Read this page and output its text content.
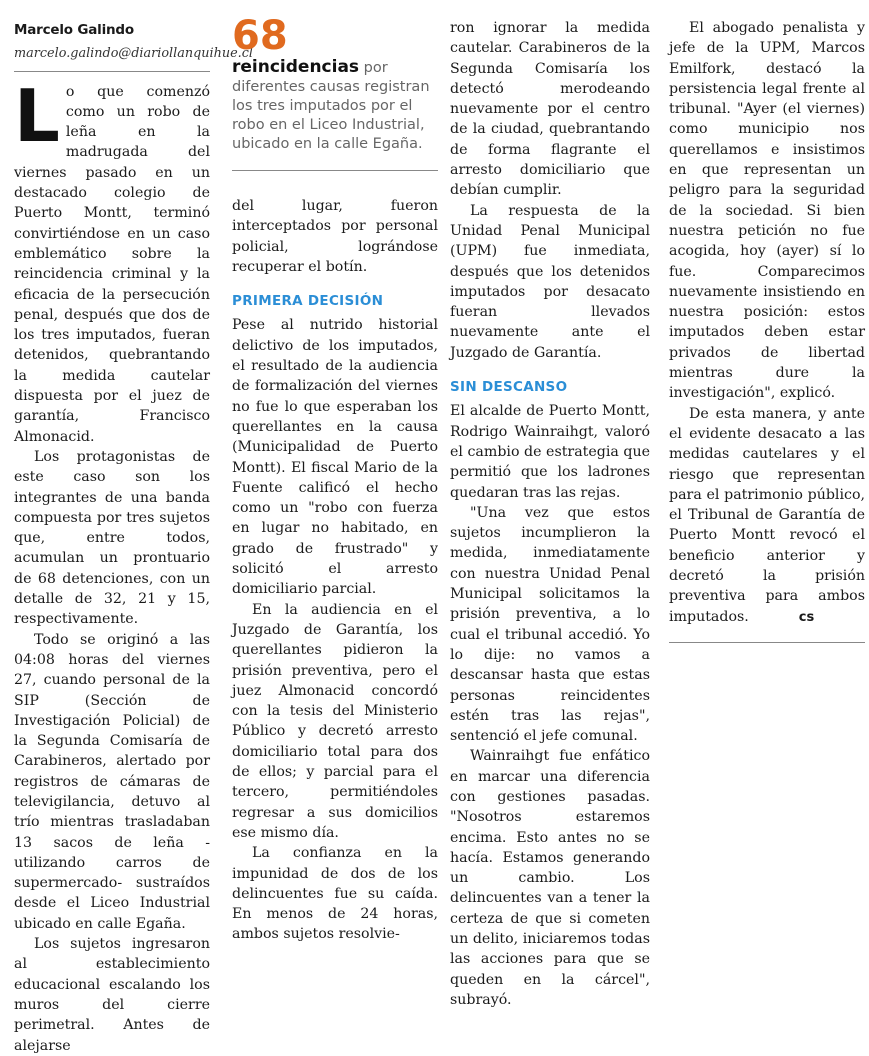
Marcelo Galindo
marcelo.galindo@diariollanquihue.cl

Lo que comenzó como un robo de leña en la madrugada del viernes pasado en un destacado colegio de Puerto Montt, terminó convirtiéndose en un caso emblemático sobre la reincidencia criminal y la eficacia de la persecución penal, después que dos de los tres imputados, fueran detenidos, quebrantando la medida cautelar dispuesta por el juez de garantía, Francisco Almonacid.

Los protagonistas de este caso son los integrantes de una banda compuesta por tres sujetos que, entre todos, acumulan un prontuario de 68 detenciones, con un detalle de 32, 21 y 15, respectivamente.

Todo se originó a las 04:08 horas del viernes 27, cuando personal de la SIP (Sección de Investigación Policial) de la Segunda Comisaría de Carabineros, alertado por registros de cámaras de televigilancia, detuvo al trío mientras trasladaban 13 sacos de leña -utilizando carros de supermercado- sustraídos desde el Liceo Industrial ubicado en calle Egaña.

Los sujetos ingresaron al establecimiento educacional escalando los muros del cierre perimetral. Antes de alejarse

68
reincidencias por diferentes causas registran los tres imputados por el robo en el Liceo Industrial, ubicado en la calle Egaña.

del lugar, fueron interceptados por personal policial, lográndose recuperar el botín.

PRIMERA DECISIÓN

Pese al nutrido historial delictivo de los imputados, el resultado de la audiencia de formalización del viernes no fue lo que esperaban los querellantes en la causa (Municipalidad de Puerto Montt). El fiscal Mario de la Fuente calificó el hecho como un "robo con fuerza en lugar no habitado, en grado de frustrado" y solicitó el arresto domiciliario parcial.

En la audiencia en el Juzgado de Garantía, los querellantes pidieron la prisión preventiva, pero el juez Almonacid concordó con la tesis del Ministerio Público y decretó arresto domiciliario total para dos de ellos; y parcial para el tercero, permitiéndoles regresar a sus domicilios ese mismo día.

La confianza en la impunidad de dos de los delincuentes fue su caída. En menos de 24 horas, ambos sujetos resolvie-

ron ignorar la medida cautelar. Carabineros de la Segunda Comisaría los detectó merodeando nuevamente por el centro de la ciudad, quebrantando de forma flagrante el arresto domiciliario que debían cumplir.

La respuesta de la Unidad Penal Municipal (UPM) fue inmediata, después que los detenidos imputados por desacato fueran llevados nuevamente ante el Juzgado de Garantía.

SIN DESCANSO

El alcalde de Puerto Montt, Rodrigo Wainraihgt, valoró el cambio de estrategia que permitió que los ladrones quedaran tras las rejas.

"Una vez que estos sujetos incumplieron la medida, inmediatamente con nuestra Unidad Penal Municipal solicitamos la prisión preventiva, a lo cual el tribunal accedió. Yo lo dije: no vamos a descansar hasta que estas personas reincidentes estén tras las rejas", sentenció el jefe comunal.

Wainraihgt fue enfático en marcar una diferencia con gestiones pasadas. "Nosotros estaremos encima. Esto antes no se hacía. Estamos generando un cambio. Los delincuentes van a tener la certeza de que si cometen un delito, iniciaremos todas las acciones para que se queden en la cárcel", subrayó.

El abogado penalista y jefe de la UPM, Marcos Emilfork, destacó la persistencia legal frente al tribunal. "Ayer (el viernes) como municipio nos querellamos e insistimos en que representan un peligro para la seguridad de la sociedad. Si bien nuestra petición no fue acogida, hoy (ayer) sí lo fue. Comparecimos nuevamente insistiendo en nuestra posición: estos imputados deben estar privados de libertad mientras dure la investigación", explicó.

De esta manera, y ante el evidente desacato a las medidas cautelares y el riesgo que representan para el patrimonio público, el Tribunal de Garantía de Puerto Montt revocó el beneficio anterior y decretó la prisión preventiva para ambos imputados.	cs
